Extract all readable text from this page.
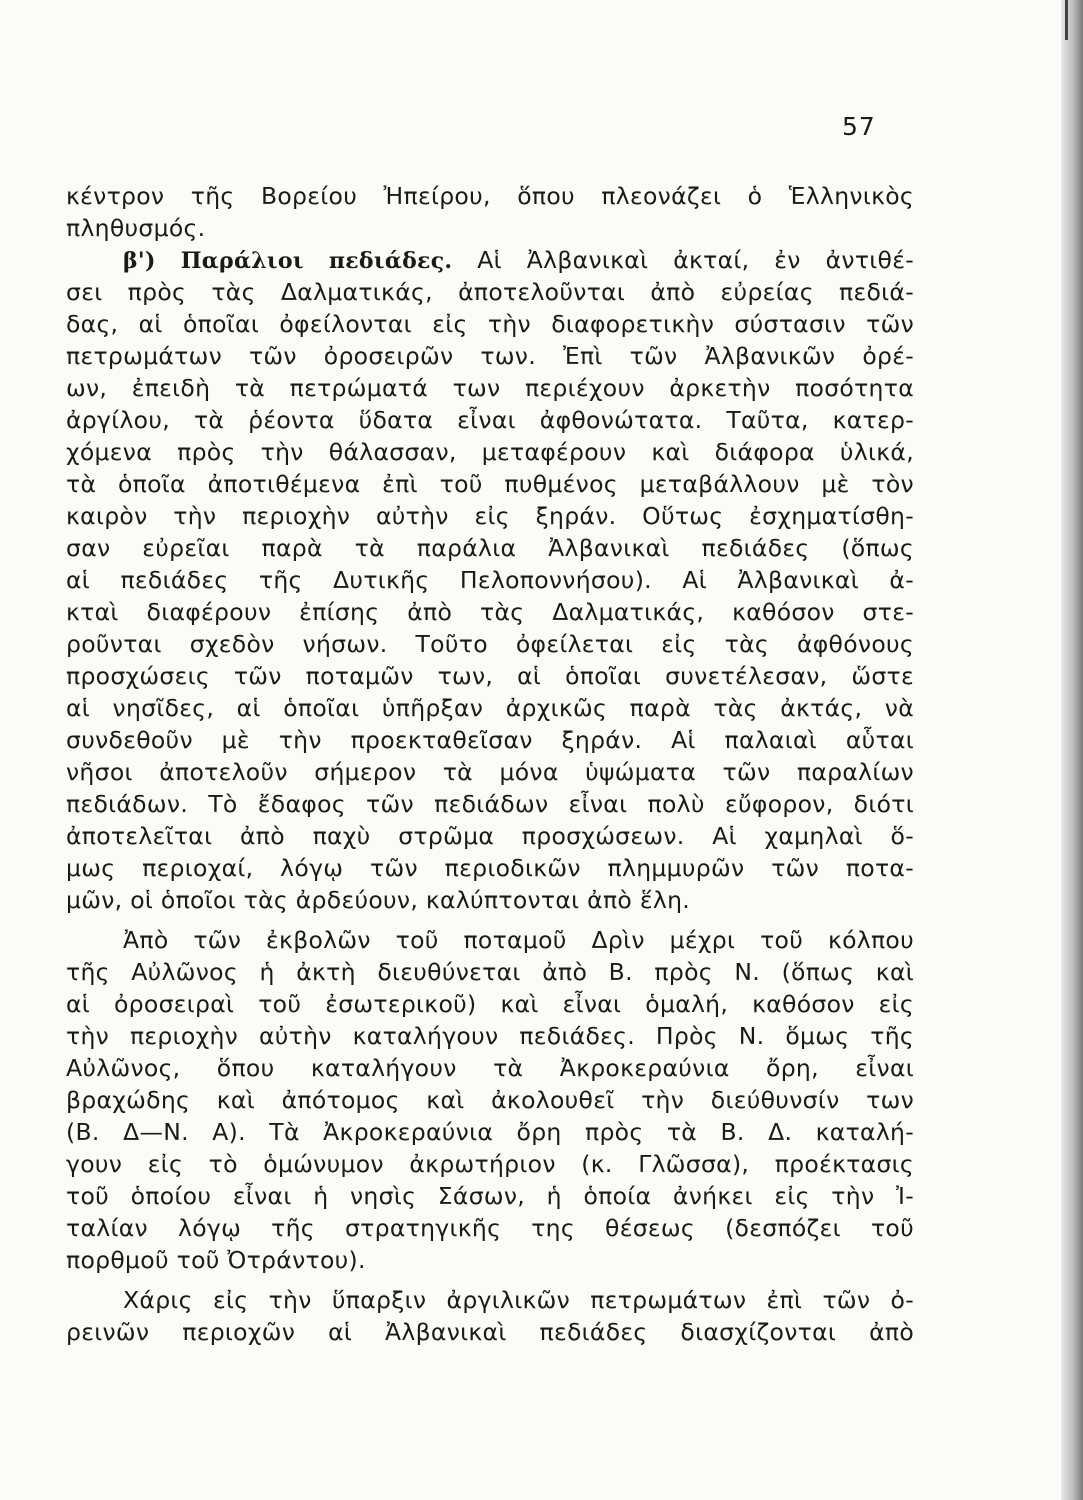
57
κέντρον τῆς Βορείου Ἠπείρου, ὅπου πλεονάζει ὁ Ἑλληνικὸς
πληθυσμός.
β') Παράλιοι πεδιάδες. Αἱ Ἀλβανικαὶ ἀκταί, ἐν ἀντιθέ-
σει πρὸς τὰς Δαλματικάς, ἀποτελοῦνται ἀπὸ εὐρείας πεδιά-
δας, αἱ ὁποῖαι ὀφείλονται εἰς τὴν διαφορετικὴν σύστασιν τῶν
πετρωμάτων τῶν ὀροσειρῶν των. Ἐπὶ τῶν Ἀλβανικῶν ὀρέ-
ων, ἐπειδὴ τὰ πετρώματά των περιέχουν ἀρκετὴν ποσότητα
ἀργίλου, τὰ ῥέοντα ὕδατα εἶναι ἀφθονώτατα. Ταῦτα, κατερ-
χόμενα πρὸς τὴν θάλασσαν, μεταφέρουν καὶ διάφορα ὑλικά,
τὰ ὁποῖα ἀποτιθέμενα ἐπὶ τοῦ πυθμένος μεταβάλλουν μὲ τὸν
καιρὸν τὴν περιοχὴν αὐτὴν εἰς ξηράν. Οὕτως ἐσχηματίσθη-
σαν εὐρεῖαι παρὰ τὰ παράλια Ἀλβανικαὶ πεδιάδες (ὅπως
αἱ πεδιάδες τῆς Δυτικῆς Πελοποννήσου). Αἱ Ἀλβανικαὶ ἀ-
κταὶ διαφέρουν ἐπίσης ἀπὸ τὰς Δαλματικάς, καθόσον στε-
ροῦνται σχεδὸν νήσων. Τοῦτο ὀφείλεται εἰς τὰς ἀφθόνους
προσχώσεις τῶν ποταμῶν των, αἱ ὁποῖαι συνετέλεσαν, ὥστε
αἱ νησῖδες, αἱ ὁποῖαι ὑπῆρξαν ἀρχικῶς παρὰ τὰς ἀκτάς, νὰ
συνδεθοῦν μὲ τὴν προεκταθεῖσαν ξηράν. Αἱ παλαιαὶ αὗται
νῆσοι ἀποτελοῦν σήμερον τὰ μόνα ὑψώματα τῶν παραλίων
πεδιάδων. Τὸ ἔδαφος τῶν πεδιάδων εἶναι πολὺ εὔφορον, διότι
ἀποτελεῖται ἀπὸ παχὺ στρῶμα προσχώσεων. Αἱ χαμηλαὶ ὅ-
μως περιοχαί, λόγῳ τῶν περιοδικῶν πλημμυρῶν τῶν ποτα-
μῶν, οἱ ὁποῖοι τὰς ἀρδεύουν, καλύπτονται ἀπὸ ἕλη.
Ἀπὸ τῶν ἐκβολῶν τοῦ ποταμοῦ Δρὶν μέχρι τοῦ κόλπου
τῆς Αὐλῶνος ἡ ἀκτὴ διευθύνεται ἀπὸ Β. πρὸς Ν. (ὅπως καὶ
αἱ ὀροσειραὶ τοῦ ἐσωτερικοῦ) καὶ εἶναι ὁμαλή, καθόσον εἰς
τὴν περιοχὴν αὐτὴν καταλήγουν πεδιάδες. Πρὸς Ν. ὅμως τῆς
Αὐλῶνος, ὅπου καταλήγουν τὰ Ἀκροκεραύνια ὄρη, εἶναι
βραχώδης καὶ ἀπότομος καὶ ἀκολουθεῖ τὴν διεύθυνσίν των
(Β. Δ—Ν. Α). Τὰ Ἀκροκεραύνια ὄρη πρὸς τὰ Β. Δ. καταλή-
γουν εἰς τὸ ὁμώνυμον ἀκρωτήριον (κ. Γλῶσσα), προέκτασις
τοῦ ὁποίου εἶναι ἡ νησὶς Σάσων, ἡ ὁποία ἀνήκει εἰς τὴν Ἰ-
ταλίαν λόγῳ τῆς στρατηγικῆς της θέσεως (δεσπόζει τοῦ
πορθμοῦ τοῦ Ὀτράντου).
Χάρις εἰς τὴν ὕπαρξιν ἀργιλικῶν πετρωμάτων ἐπὶ τῶν ὀ-
ρεινῶν περιοχῶν αἱ Ἀλβανικαὶ πεδιάδες διασχίζονται ἀπὸ
